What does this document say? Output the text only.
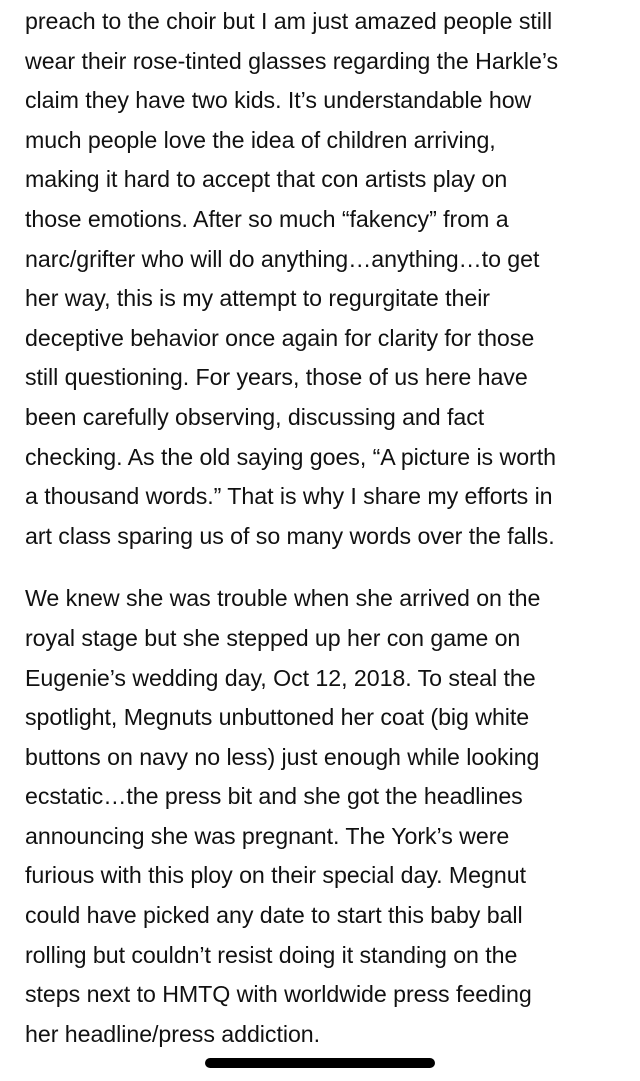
preach to the choir but I am just amazed people still
wear their rose-tinted glasses regarding the Harkle’s
claim they have two kids. It’s understandable how
much people love the idea of children arriving,
making it hard to accept that con artists play on
those emotions. After so much “fakency” from a
narc/grifter who will do anything…anything…to get
her way, this is my attempt to regurgitate their
deceptive behavior once again for clarity for those
still questioning. For years, those of us here have
been carefully observing, discussing and fact
checking. As the old saying goes, “A picture is worth
a thousand words.” That is why I share my efforts in
art class sparing us of so many words over the falls.

We knew she was trouble when she arrived on the
royal stage but she stepped up her con game on
Eugenie’s wedding day, Oct 12, 2018. To steal the
spotlight, Megnuts unbuttoned her coat (big white
buttons on navy no less) just enough while looking
ecstatic…the press bit and she got the headlines
announcing she was pregnant. The York’s were
furious with this ploy on their special day. Megnut
could have picked any date to start this baby ball
rolling but couldn’t resist doing it standing on the
steps next to HMTQ with worldwide press feeding
her headline/press addiction.
